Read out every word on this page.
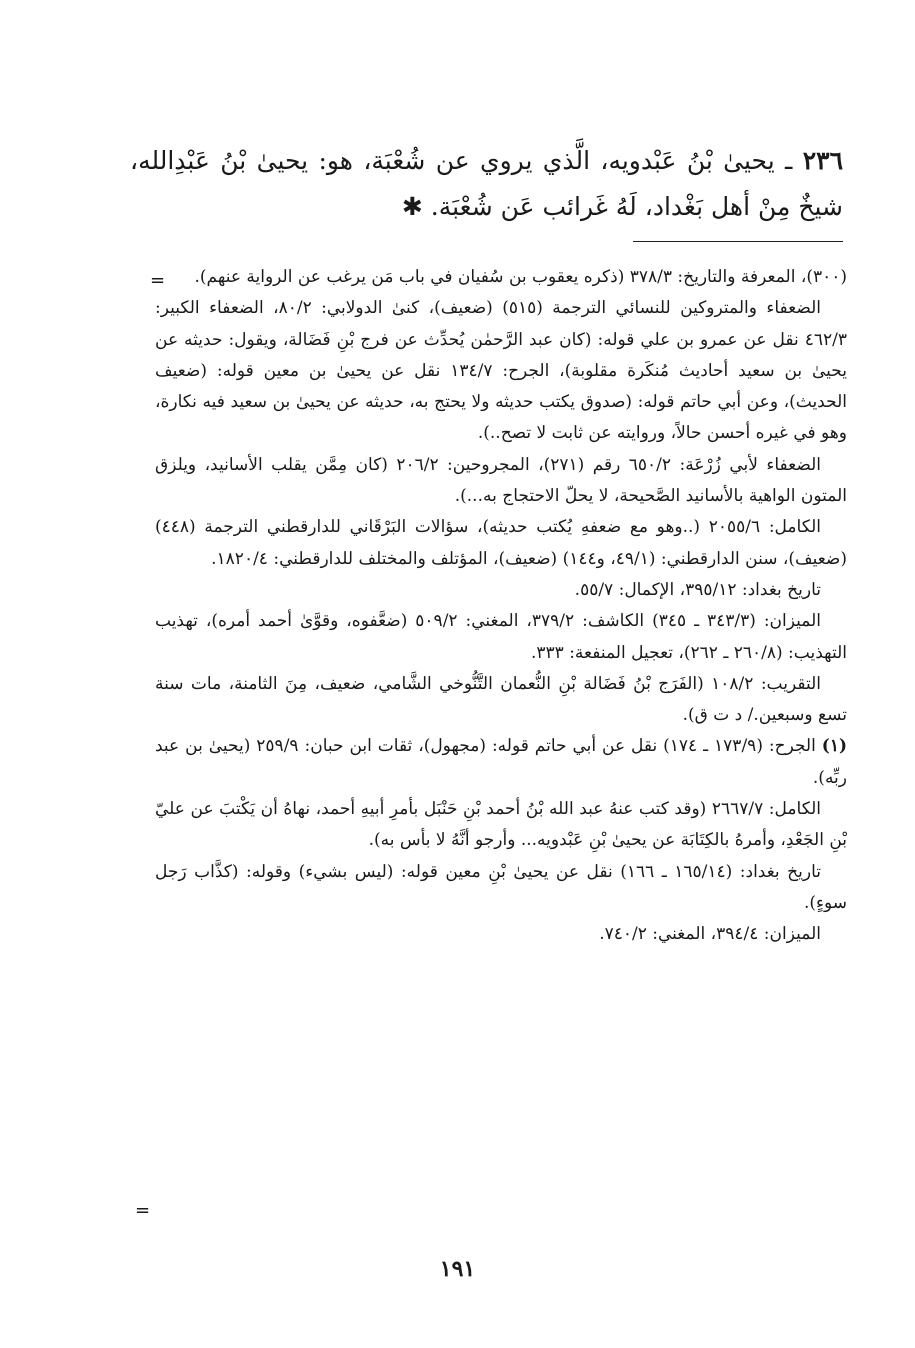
٢٣٦ ـ يحيىٰ بْنُ عَبْدويه، الَّذي يروي عن شُعْبَة، هو: يحيىٰ بْنُ عَبْدِالله، شيخٌ مِنْ أهل بَغْداد، لَهُ غَرائب عَن شُعْبَة. ✱
=	(٣٠٠)، المعرفة والتاريخ: ٣٧٨/٣ (ذكره يعقوب بن سُفيان في باب مَن يرغب عن الرواية عنهم).

الضعفاء والمتروكين للنسائي الترجمة (٥١٥) (ضعيف)، كنىٰ الدولابي: ٨٠/٢، الضعفاء الكبير: ٤٦٢/٣ نقل عن عمرو بن علي قوله: (كان عبد الرَّحمٰن يُحدِّث عن فرج بْنِ فَضَالة، ويقول: حديثه عن يحيىٰ بن سعيد أحاديث مُنكَرة مقلوبة)، الجرح: ١٣٤/٧ نقل عن يحيىٰ بن معين قوله: (ضعيف الحديث)، وعن أبي حاتم قوله: (صدوق يكتب حديثه ولا يحتج به، حديثه عن يحيىٰ بن سعيد فيه نكارة، وهو في غيره أحسن حالاً، وروايته عن ثابت لا تصح..).

الضعفاء لأبي زُرْعَة: ٦٥٠/٢ رقم (٢٧١)، المجروحين: ٢٠٦/٢ (كان مِمَّن يقلب الأسانيد، ويلزق المتون الواهية بالأسانيد الصَّحيحة، لا يحلّ الاحتجاج به...).

الكامل: ٢٠٥٥/٦ (..وهو مع ضعفهِ يُكتب حديثه)، سؤالات البَرْقَاني للدارقطني الترجمة (٤٤٨) (ضعيف)، سنن الدارقطني: (٤٩/١، و١٤٤) (ضعيف)، المؤتلف والمختلف للدارقطني: ١٨٢٠/٤.

تاريخ بغداد: ٣٩٥/١٢، الإكمال: ٥٥/٧.

الميزان: (٣٤٣/٣ ـ ٣٤٥) الكاشف: ٣٧٩/٢، المغني: ٥٠٩/٢ (ضعَّفوه، وقوَّىٰ أحمد أمره)، تهذيب التهذيب: (٢٦٠/٨ ـ ٢٦٢)، تعجيل المنفعة: ٣٣٣.

التقريب: ١٠٨/٢ (الفَرَج بْنُ فَضَالة بْنِ النُّعمان التَّنُّوخي الشَّامي، ضعيف، مِنَ الثامنة، مات سنة تسع وسبعين./ د ت ق).

(١) الجرح: (١٧٣/٩ ـ ١٧٤) نقل عن أبي حاتم قوله: (مجهول)، ثقات ابن حبان: ٢٥٩/٩ (يحيىٰ بن عبد ربِّه).

الكامل: ٢٦٦٧/٧ (وقد كتب عنهُ عبد الله بْنُ أحمد بْنِ حَنْبَل بأمرِ أبيهِ أحمد، نهاهُ أن يَكْتبَ عن عليّ بْنِ الجَعْدِ، وأمرهُ بالكِتَابَة عن يحيىٰ بْنِ عَبْدويه... وأرجو أنَّهُ لا بأس به).

تاريخ بغداد: (١٦٥/١٤ ـ ١٦٦) نقل عن يحيىٰ بْنِ معين قوله: (ليس بشيء) وقوله: (كذَّاب رَجل سوءٍ).

الميزان: ٣٩٤/٤، المغني: ٧٤٠/٢.

=
١٩١
